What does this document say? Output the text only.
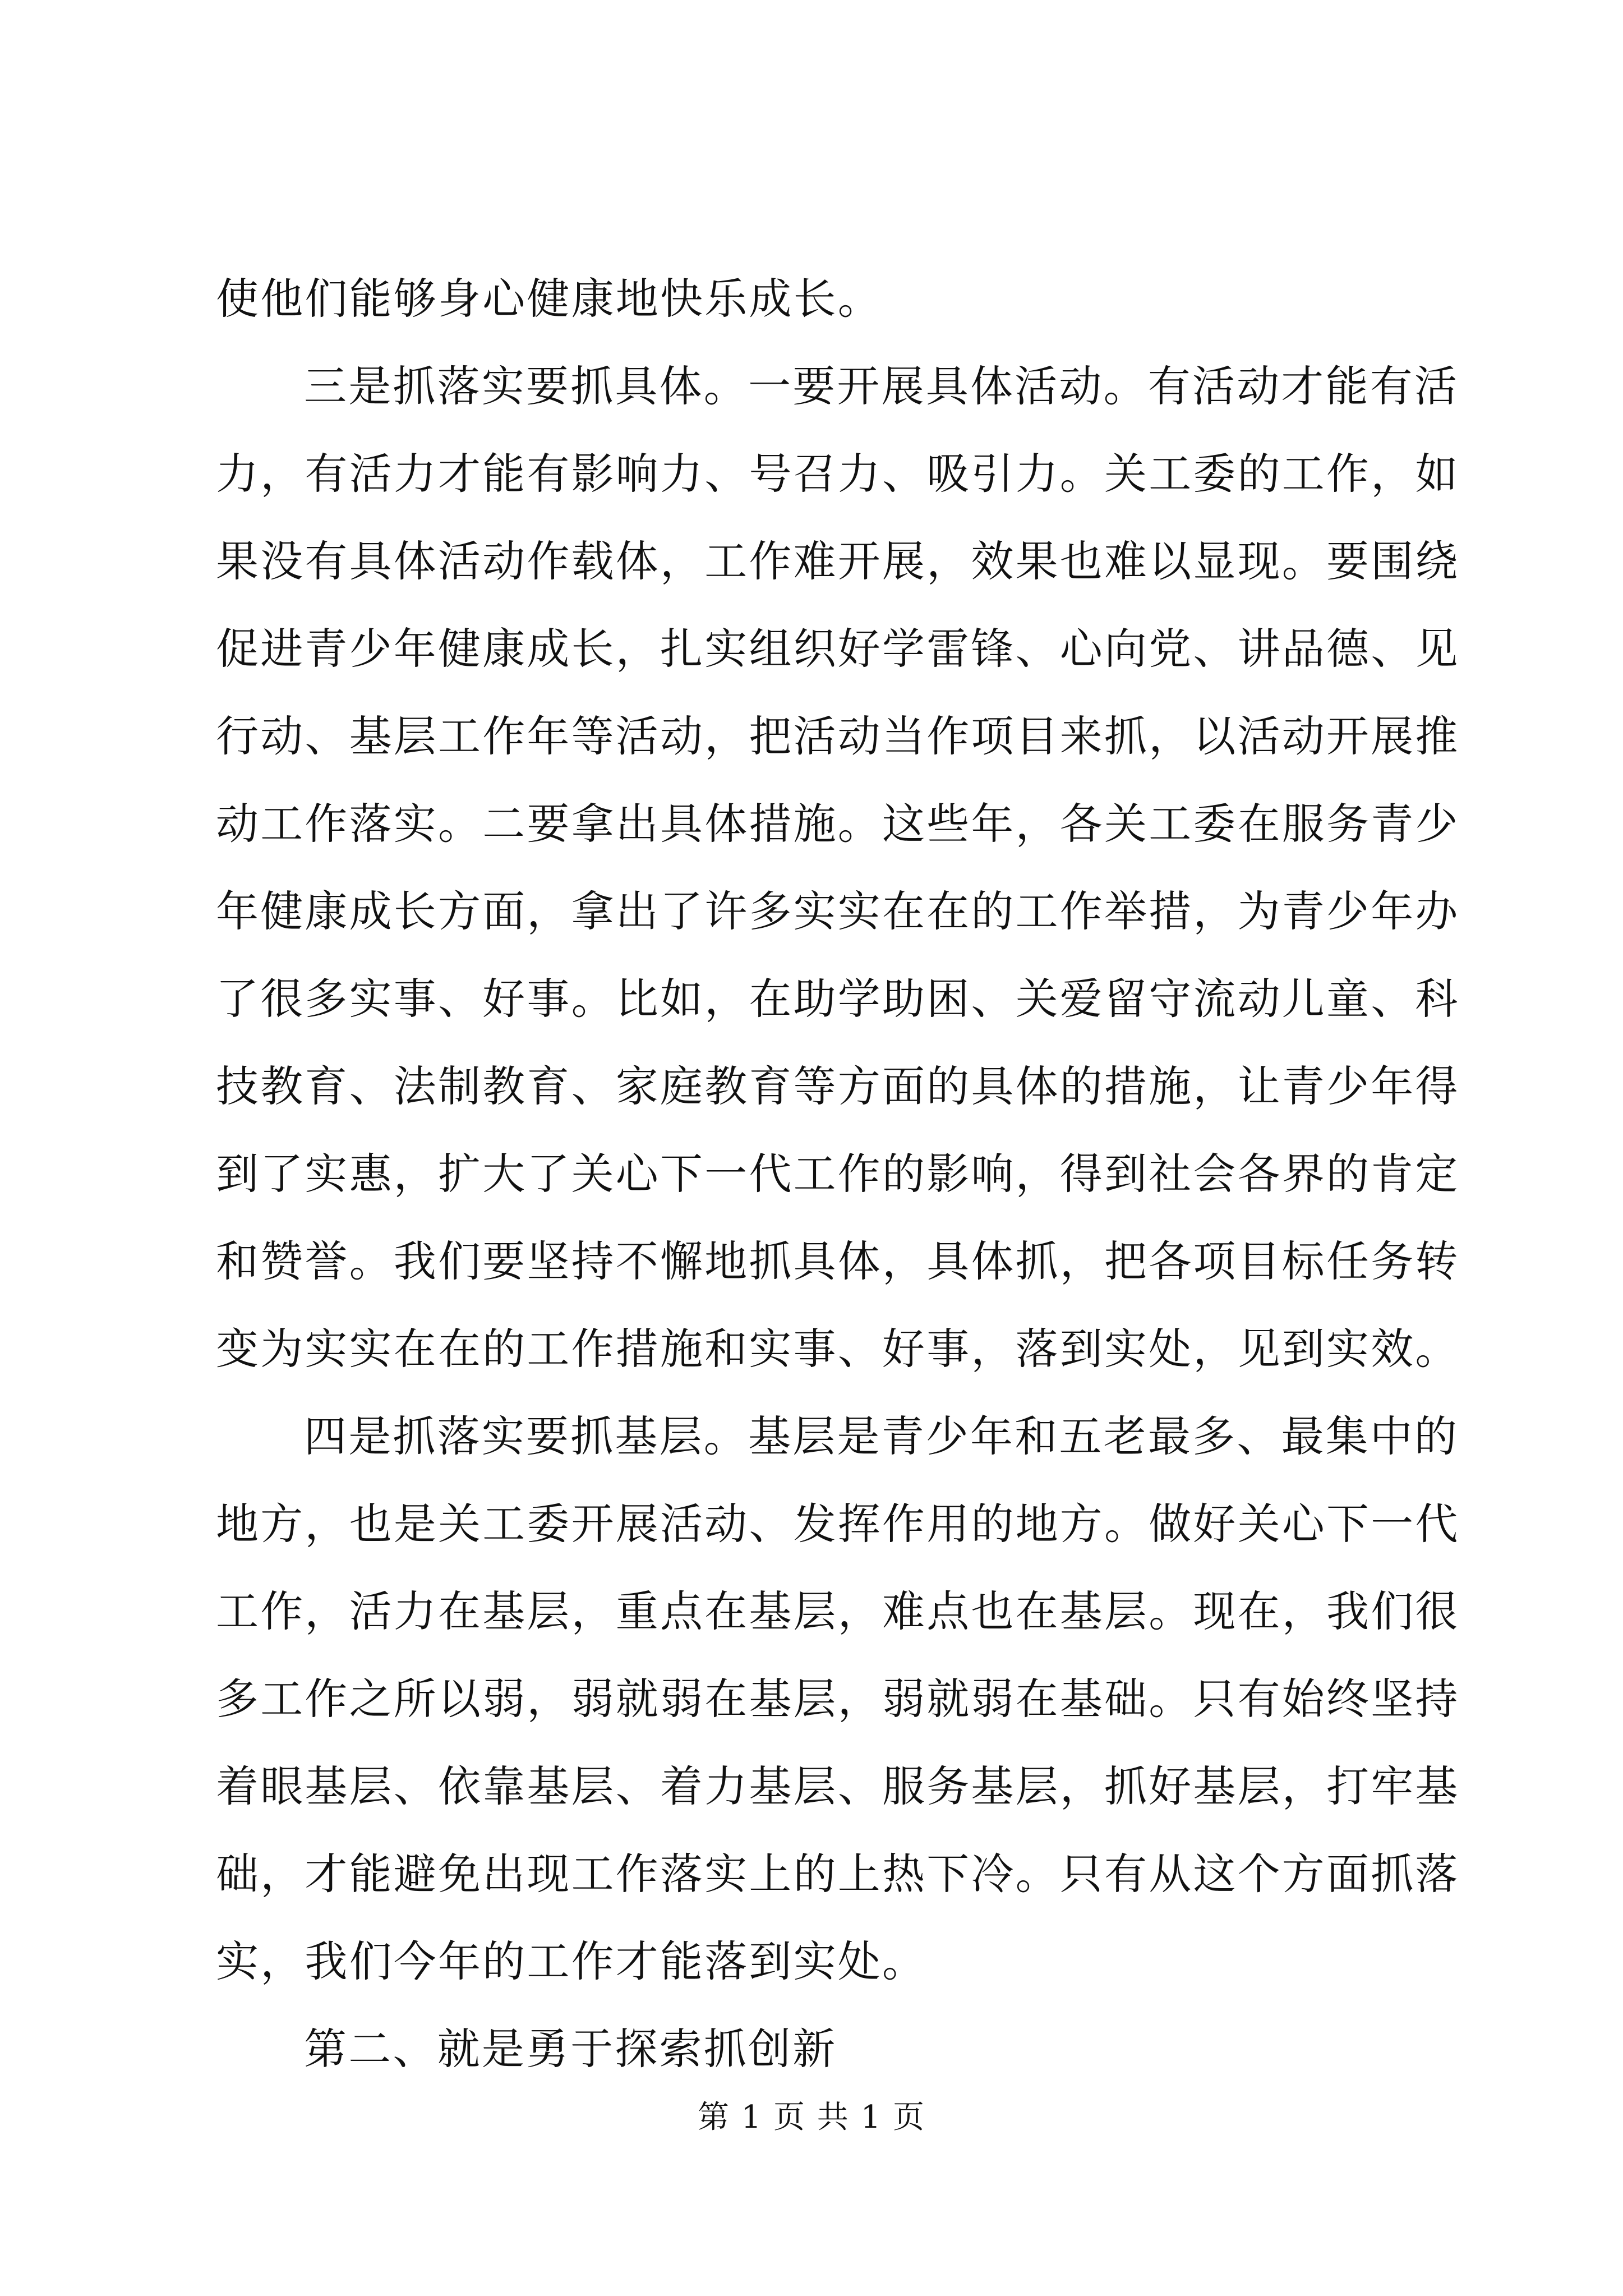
使他们能够身心健康地快乐成长。
三是抓落实要抓具体。一要开展具体活动。有活动才能有活
力，有活力才能有影响力、号召力、吸引力。关工委的工作，如
果没有具体活动作载体，工作难开展，效果也难以显现。要围绕
促进青少年健康成长，扎实组织好学雷锋、心向党、讲品德、见
行动、基层工作年等活动，把活动当作项目来抓，以活动开展推
动工作落实。二要拿出具体措施。这些年，各关工委在服务青少
年健康成长方面，拿出了许多实实在在的工作举措，为青少年办
了很多实事、好事。比如，在助学助困、关爱留守流动儿童、科
技教育、法制教育、家庭教育等方面的具体的措施，让青少年得
到了实惠，扩大了关心下一代工作的影响，得到社会各界的肯定
和赞誉。我们要坚持不懈地抓具体，具体抓，把各项目标任务转
变为实实在在的工作措施和实事、好事，落到实处，见到实效。
四是抓落实要抓基层。基层是青少年和五老最多、最集中的
地方，也是关工委开展活动、发挥作用的地方。做好关心下一代
工作，活力在基层，重点在基层，难点也在基层。现在，我们很
多工作之所以弱，弱就弱在基层，弱就弱在基础。只有始终坚持
着眼基层、依靠基层、着力基层、服务基层，抓好基层，打牢基
础，才能避免出现工作落实上的上热下冷。只有从这个方面抓落
实，我们今年的工作才能落到实处。
第二、就是勇于探索抓创新
第 1 页 共 1 页
